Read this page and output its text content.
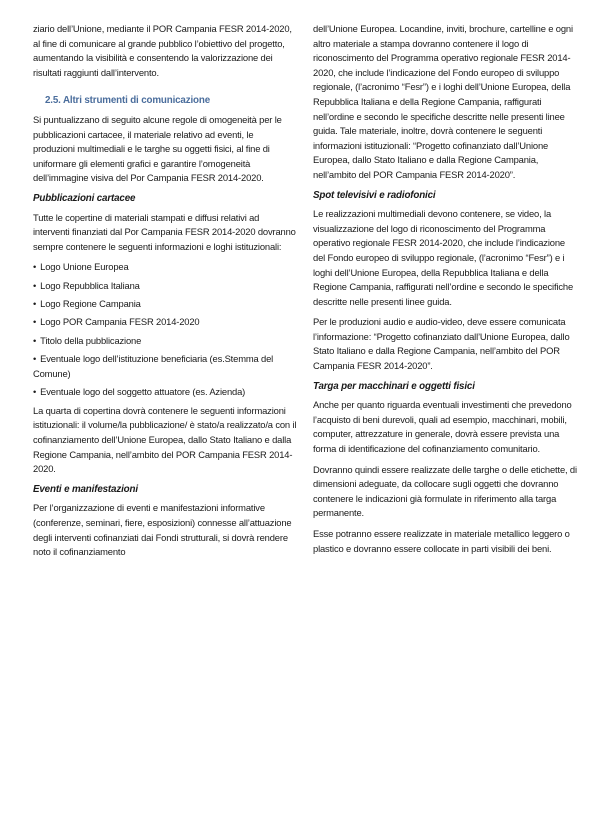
ziario dell’Unione, mediante il POR Campania FESR 2014-2020, al fine di comunicare al grande pubblico l’obiettivo del progetto, aumentando la visibilità e consentendo la valorizzazione dei risultati raggiunti dall’intervento.

2.5. Altri strumenti di comunicazione

Si puntualizzano di seguito alcune regole di omogeneità per le pubblicazioni cartacee, il materiale relativo ad eventi, le produzioni multimediali e le targhe su oggetti fisici, al fine di uniformare gli elementi grafici e garantire l’omogeneità dell’immagine visiva del Por Campania FESR 2014-2020.

Pubblicazioni cartacee

Tutte le copertine di materiali stampati e diffusi relativi ad interventi finanziati dal Por Campania FESR 2014-2020 dovranno sempre contenere le seguenti informazioni e loghi istituzionali:

• Logo Unione Europea
• Logo Repubblica Italiana
• Logo Regione Campania
• Logo POR Campania FESR 2014-2020
• Titolo della pubblicazione
• Eventuale logo dell’istituzione beneficiaria (es.Stemma del Comune)
• Eventuale logo del soggetto attuatore (es. Azienda)

La quarta di copertina dovrà contenere le seguenti informazioni istituzionali: il volume/la pubblicazione/ è stato/a realizzato/a con il cofinanziamento dell’Unione Europea, dallo Stato Italiano e dalla Regione Campania, nell’ambito del POR Campania FESR 2014-2020.

Eventi e manifestazioni

Per l’organizzazione di eventi e manifestazioni informative (conferenze, seminari, fiere, esposizioni) connesse all’attuazione degli interventi cofinanziati dai Fondi strutturali, si dovrà rendere noto il cofinanziamento

dell’Unione Europea. Locandine, inviti, brochure, cartelline e ogni altro materiale a stampa dovranno contenere il logo di riconoscimento del Programma operativo regionale FESR 2014-2020, che include l’indicazione del Fondo europeo di sviluppo regionale, (l’acronimo “Fesr”) e i loghi dell’Unione Europea, della Repubblica Italiana e della Regione Campania, raffigurati nell’ordine e secondo le specifiche descritte nelle presenti linee guida. Tale materiale, inoltre, dovrà contenere le seguenti informazioni istituzionali: “Progetto cofinanziato dall’Unione Europea, dallo Stato Italiano e dalla Regione Campania, nell’ambito del POR Campania FESR 2014-2020”.

Spot televisivi e radiofonici

Le realizzazioni multimediali devono contenere, se video, la visualizzazione del logo di riconoscimento del Programma operativo regionale FESR 2014-2020, che include l’indicazione del Fondo europeo di sviluppo regionale, (l’acronimo “Fesr”) e i loghi dell’Unione Europea, della Repubblica Italiana e della Regione Campania, raffigurati nell’ordine e secondo le specifiche descritte nelle presenti linee guida.

Per le produzioni audio e audio-video, deve essere comunicata l’informazione: “Progetto cofinanziato dall’Unione Europea, dallo Stato Italiano e dalla Regione Campania, nell’ambito del POR Campania FESR 2014-2020”.

Targa per macchinari e oggetti fisici

Anche per quanto riguarda eventuali investimenti che prevedono l’acquisto di beni durevoli, quali ad esempio, macchinari, mobili, computer, attrezzature in generale, dovrà essere prevista una forma di identificazione del cofinanziamento comunitario.

Dovranno quindi essere realizzate delle targhe o delle etichette, di dimensioni adeguate, da collocare sugli oggetti che dovranno contenere le indicazioni già formulate in riferimento alla targa permanente.

Esse potranno essere realizzate in materiale metallico leggero o plastico e dovranno essere collocate in parti visibili dei beni.
